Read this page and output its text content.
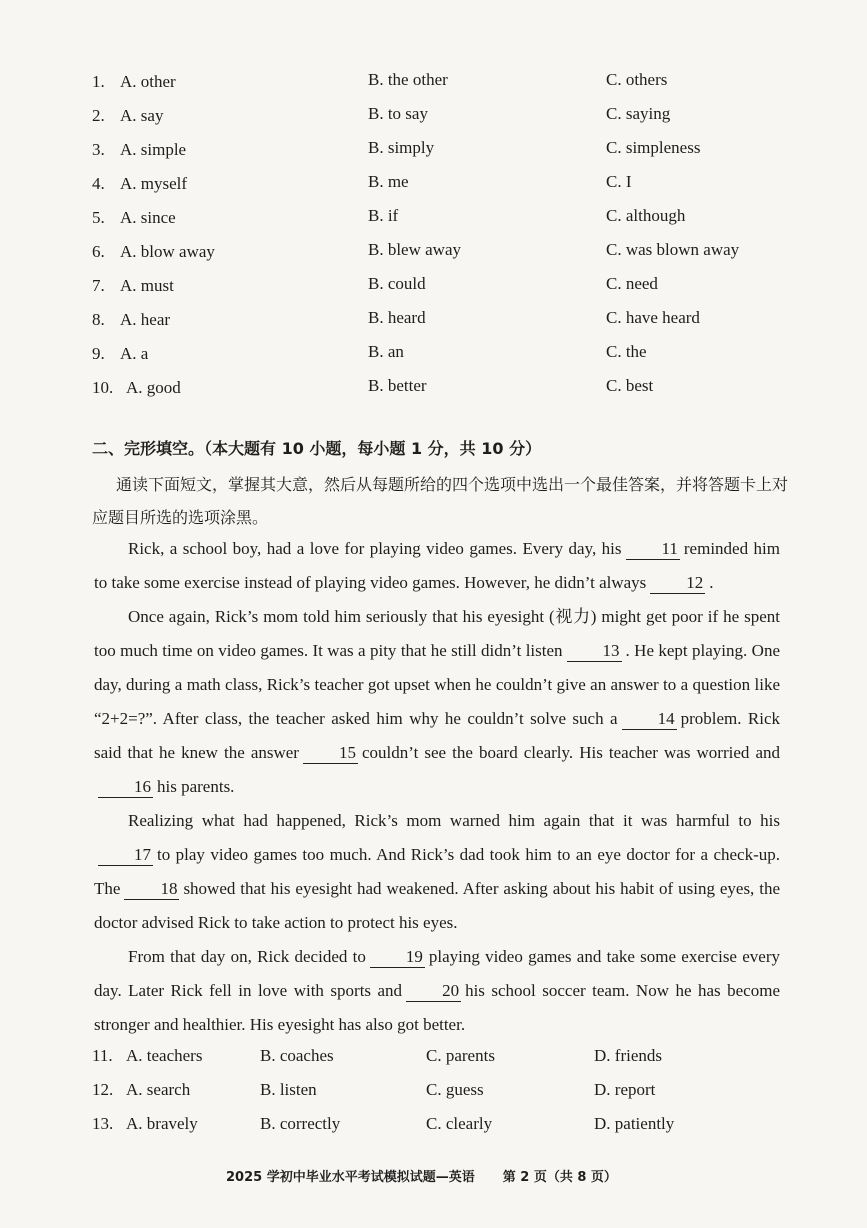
1. A. other	B. the other	C. others
2. A. say	B. to say	C. saying
3. A. simple	B. simply	C. simpleness
4. A. myself	B. me	C. I
5. A. since	B. if	C. although
6. A. blow away	B. blew away	C. was blown away
7. A. must	B. could	C. need
8. A. hear	B. heard	C. have heard
9. A. a	B. an	C. the
10. A. good	B. better	C. best
二、完形填空。（本大题有 10 小题，每小题 1 分，共 10 分）
通读下面短文，掌握其大意，然后从每题所给的四个选项中选出一个最佳答案，并将答题卡上对应题目所选的选项涂黑。

Rick, a school boy, had a love for playing video games. Every day, his 11 reminded him to take some exercise instead of playing video games. However, he didn’t always 12 .

Once again, Rick’s mom told him seriously that his eyesight (视力) might get poor if he spent too much time on video games. It was a pity that he still didn’t listen 13 . He kept playing. One day, during a math class, Rick’s teacher got upset when he couldn’t give an answer to a question like “2+2=?”. After class, the teacher asked him why he couldn’t solve such a 14 problem. Rick said that he knew the answer 15 couldn’t see the board clearly. His teacher was worried and16 his parents.

Realizing what had happened, Rick’s mom warned him again that it was harmful to his17 to play video games too much. And Rick’s dad took him to an eye doctor for a check-up. The 18 showed that his eyesight had weakened. After asking about his habit of using eyes, the doctor advised Rick to take action to protect his eyes.

From that day on, Rick decided to 19 playing video games and take some exercise every day. Later Rick fell in love with sports and 20 his school soccer team. Now he has become stronger and healthier. His eyesight has also got better.

11. A. teachers	B. coaches	C. parents	D. friends
12. A. search	B. listen	C. guess	D. report
13. A. bravely	B. correctly	C. clearly	D. patiently
2025 学初中毕业水平考试模拟试题—英语 第 2 页（共 8 页）
